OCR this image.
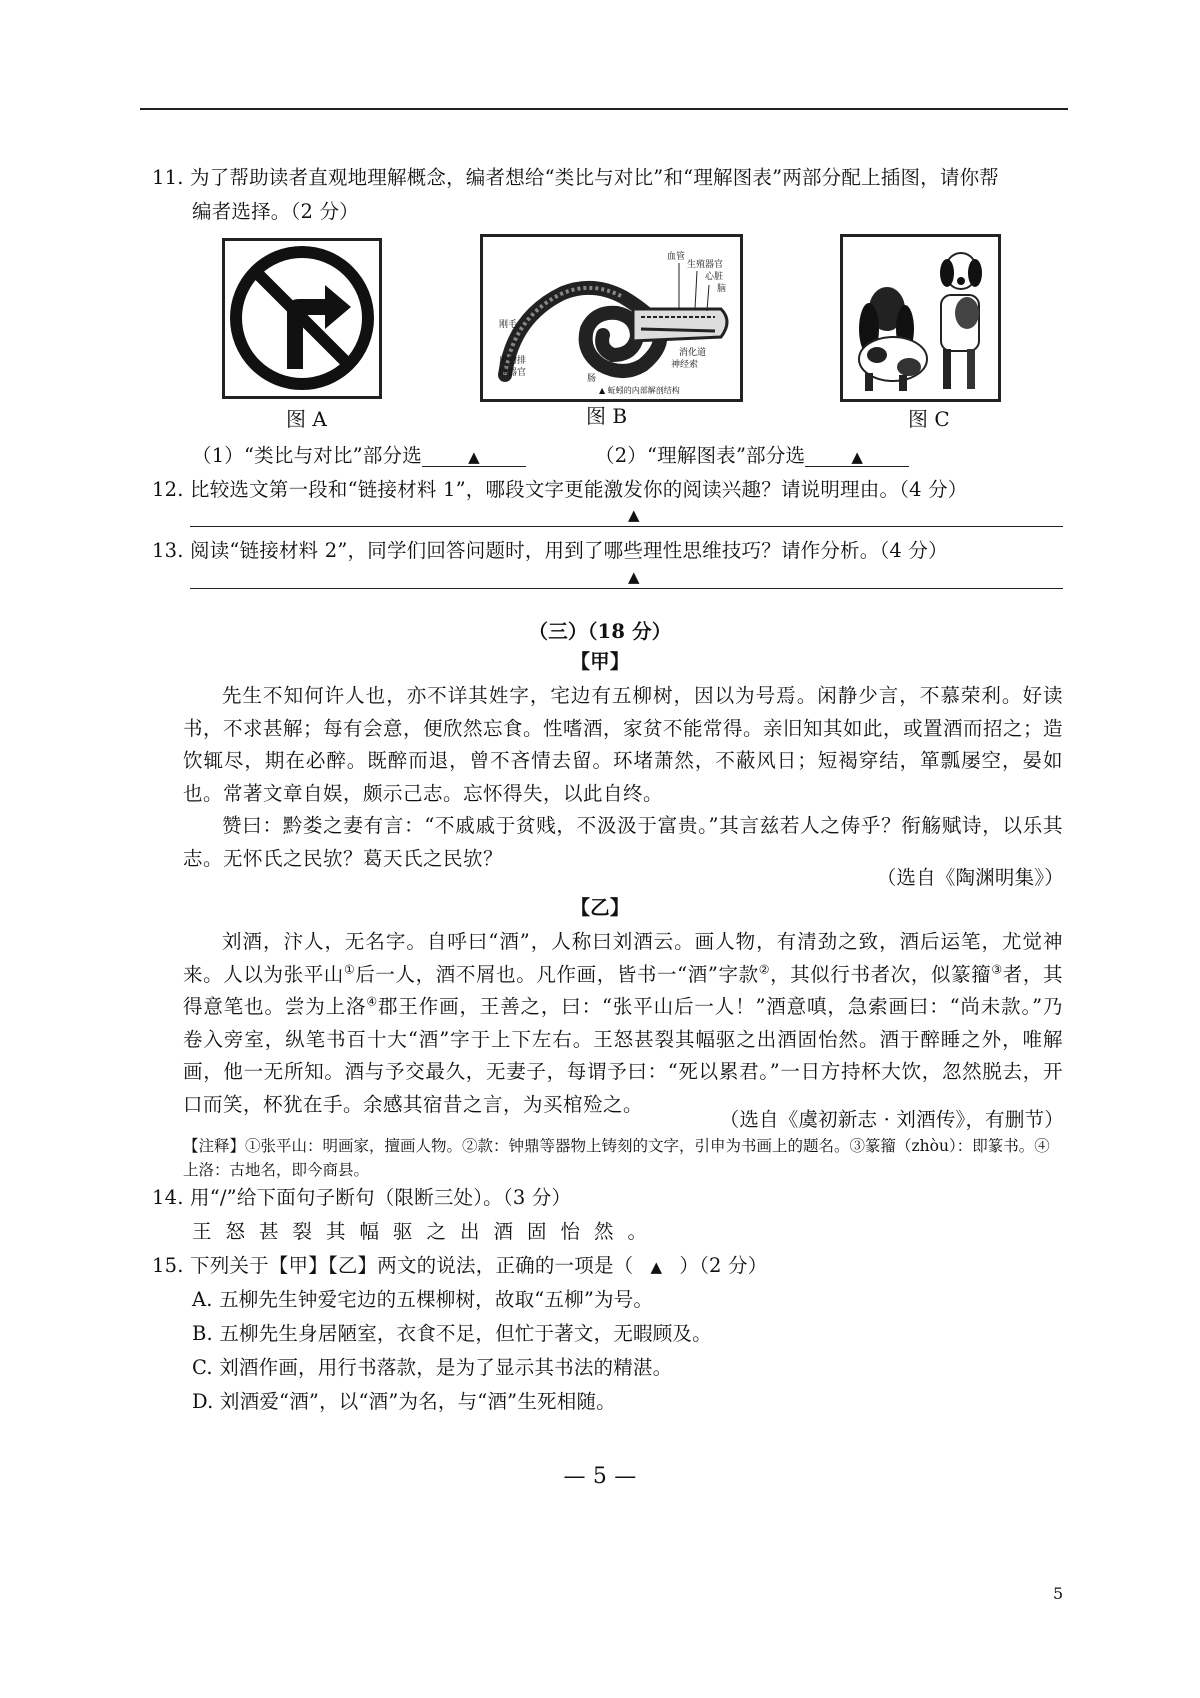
11. 为了帮助读者直观地理解概念，编者想给“类比与对比”和“理解图表”两部分配上插图，请你帮
编者选择。（2 分）
图 A
血管
生殖器官
心脏
脑
刚毛
消化道
神经索
废物排
泄器官
肠
▲ 蚯蚓的内部解剖结构
图 B	图 C
（1）“类比与对比”部分选	▲	（2）“理解图表”部分选	▲
12. 比较选文第一段和“链接材料 1”，哪段文字更能激发你的阅读兴趣？请说明理由。（4 分）
▲
13. 阅读“链接材料 2”，同学们回答问题时，用到了哪些理性思维技巧？请作分析。（4 分）
▲
（三）（18 分）
【甲】

先生不知何许人也，亦不详其姓字，宅边有五柳树，因以为号焉。闲静少言，不慕荣利。好读书，不求甚解；每有会意，便欣然忘食。性嗜酒，家贫不能常得。亲旧知其如此，或置酒而招之；造饮辄尽，期在必醉。既醉而退，曾不吝情去留。环堵萧然，不蔽风日；短褐穿结，箪瓢屡空，晏如也。常著文章自娱，颇示己志。忘怀得失，以此自终。

赞曰：黔娄之妻有言：“不戚戚于贫贱，不汲汲于富贵。”其言兹若人之俦乎？衔觞赋诗，以乐其志。无怀氏之民欤？葛天氏之民欤？

（选自《陶渊明集》）
【乙】

刘酒，汴人，无名字。自呼曰“酒”，人称曰刘酒云。画人物，有清劲之致，酒后运笔，尤觉神来。人以为张平山①后一人，酒不屑也。凡作画，皆书一“酒”字款②，其似行书者次，似篆籀③者，其得意笔也。尝为上洛④郡王作画，王善之，曰：“张平山后一人！”酒意嗔，急索画曰：“尚未款。”乃卷入旁室，纵笔书百十大“酒”字于上下左右。王怒甚裂其幅驱之出酒固怡然。酒于醉睡之外，唯解画，他一无所知。酒与予交最久，无妻子，每谓予曰：“死以累君。”一日方持杯大饮，忽然脱去，开口而笑，杯犹在手。余感其宿昔之言，为买棺殓之。

（选自《虞初新志 · 刘酒传》，有删节）
【注释】①张平山：明画家，擅画人物。②款：钟鼎等器物上铸刻的文字，引申为书画上的题名。③篆籀（zhòu）：即篆书。④上洛：古地名，即今商县。
14. 用“/”给下面句子断句（限断三处）。（3 分）
王怒甚裂其幅驱之出酒固怡然。
15. 下列关于【甲】【乙】两文的说法，正确的一项是（ ▲ ）（2 分）
A. 五柳先生钟爱宅边的五棵柳树，故取“五柳”为号。
B. 五柳先生身居陋室，衣食不足，但忙于著文，无暇顾及。
C. 刘酒作画，用行书落款，是为了显示其书法的精湛。
D. 刘酒爱“酒”，以“酒”为名，与“酒”生死相随。
— 5 —
5
